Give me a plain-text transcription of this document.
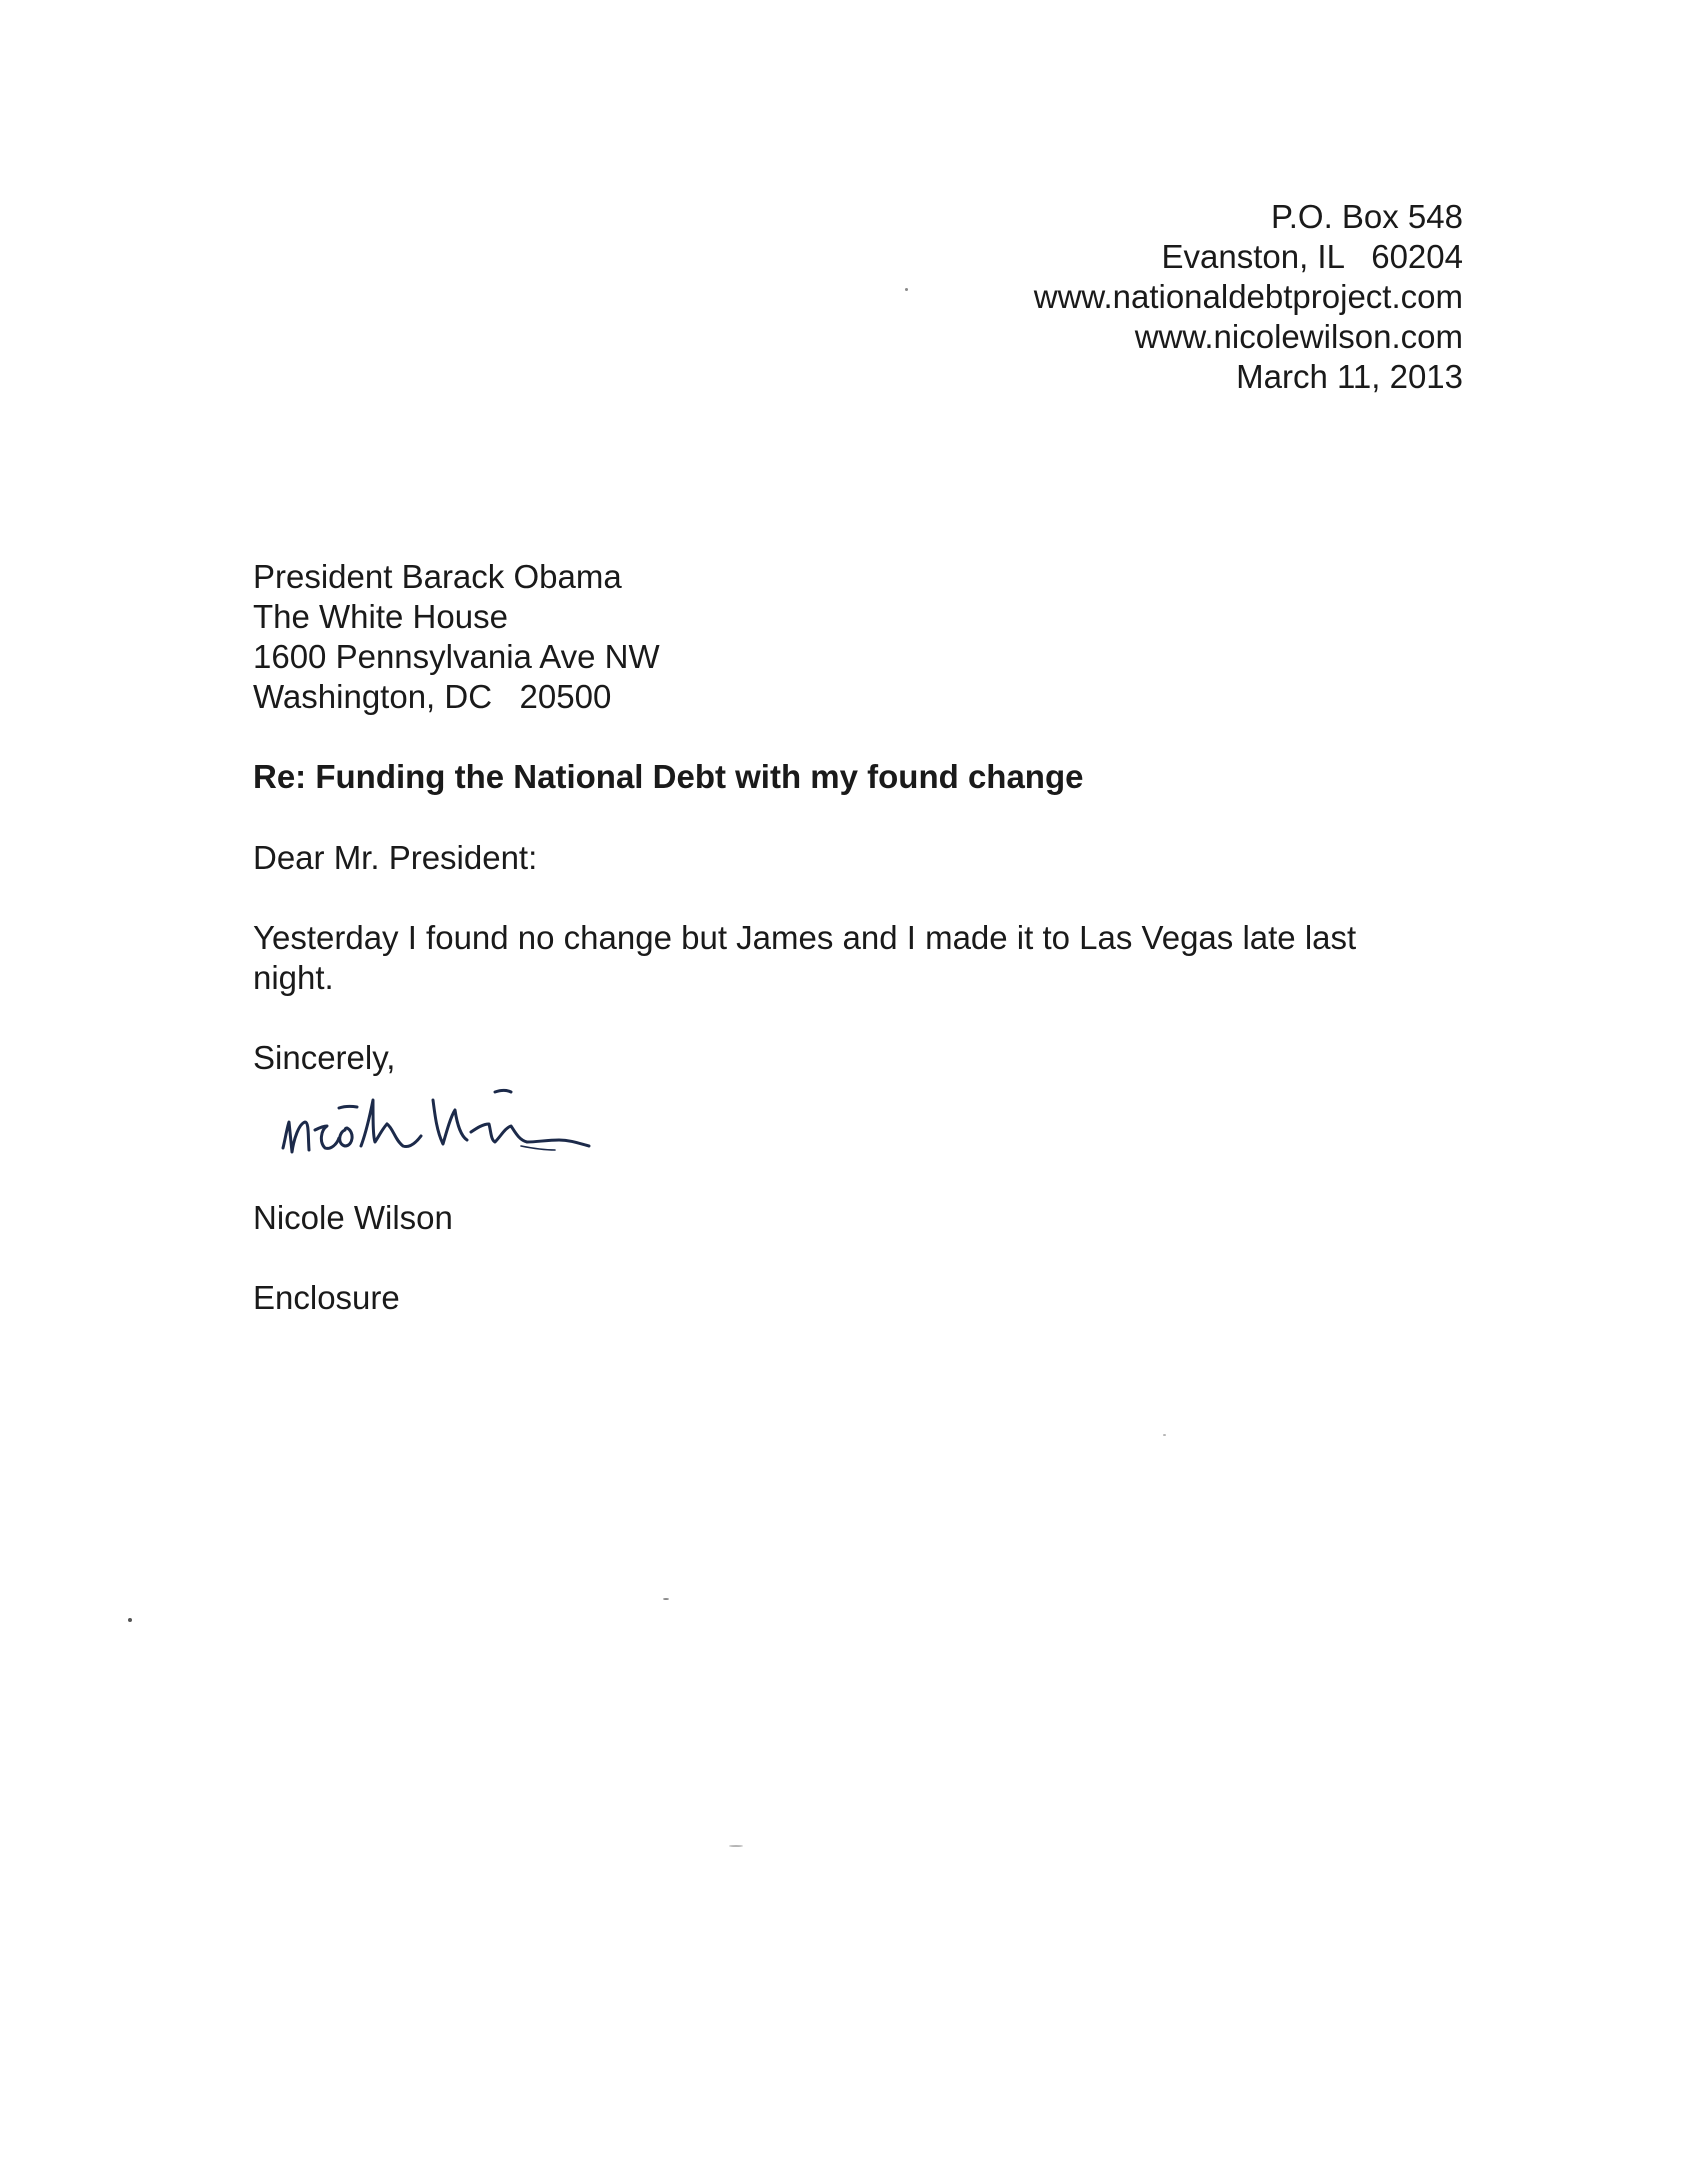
P.O. Box 548
Evanston, IL   60204
www.nationaldebtproject.com
www.nicolewilson.com
March 11, 2013
President Barack Obama
The White House
1600 Pennsylvania Ave NW
Washington, DC   20500
Re: Funding the National Debt with my found change
Dear Mr. President:
Yesterday I found no change but James and I made it to Las Vegas late last
night.
Sincerely,
Nicole Wilson
Enclosure
